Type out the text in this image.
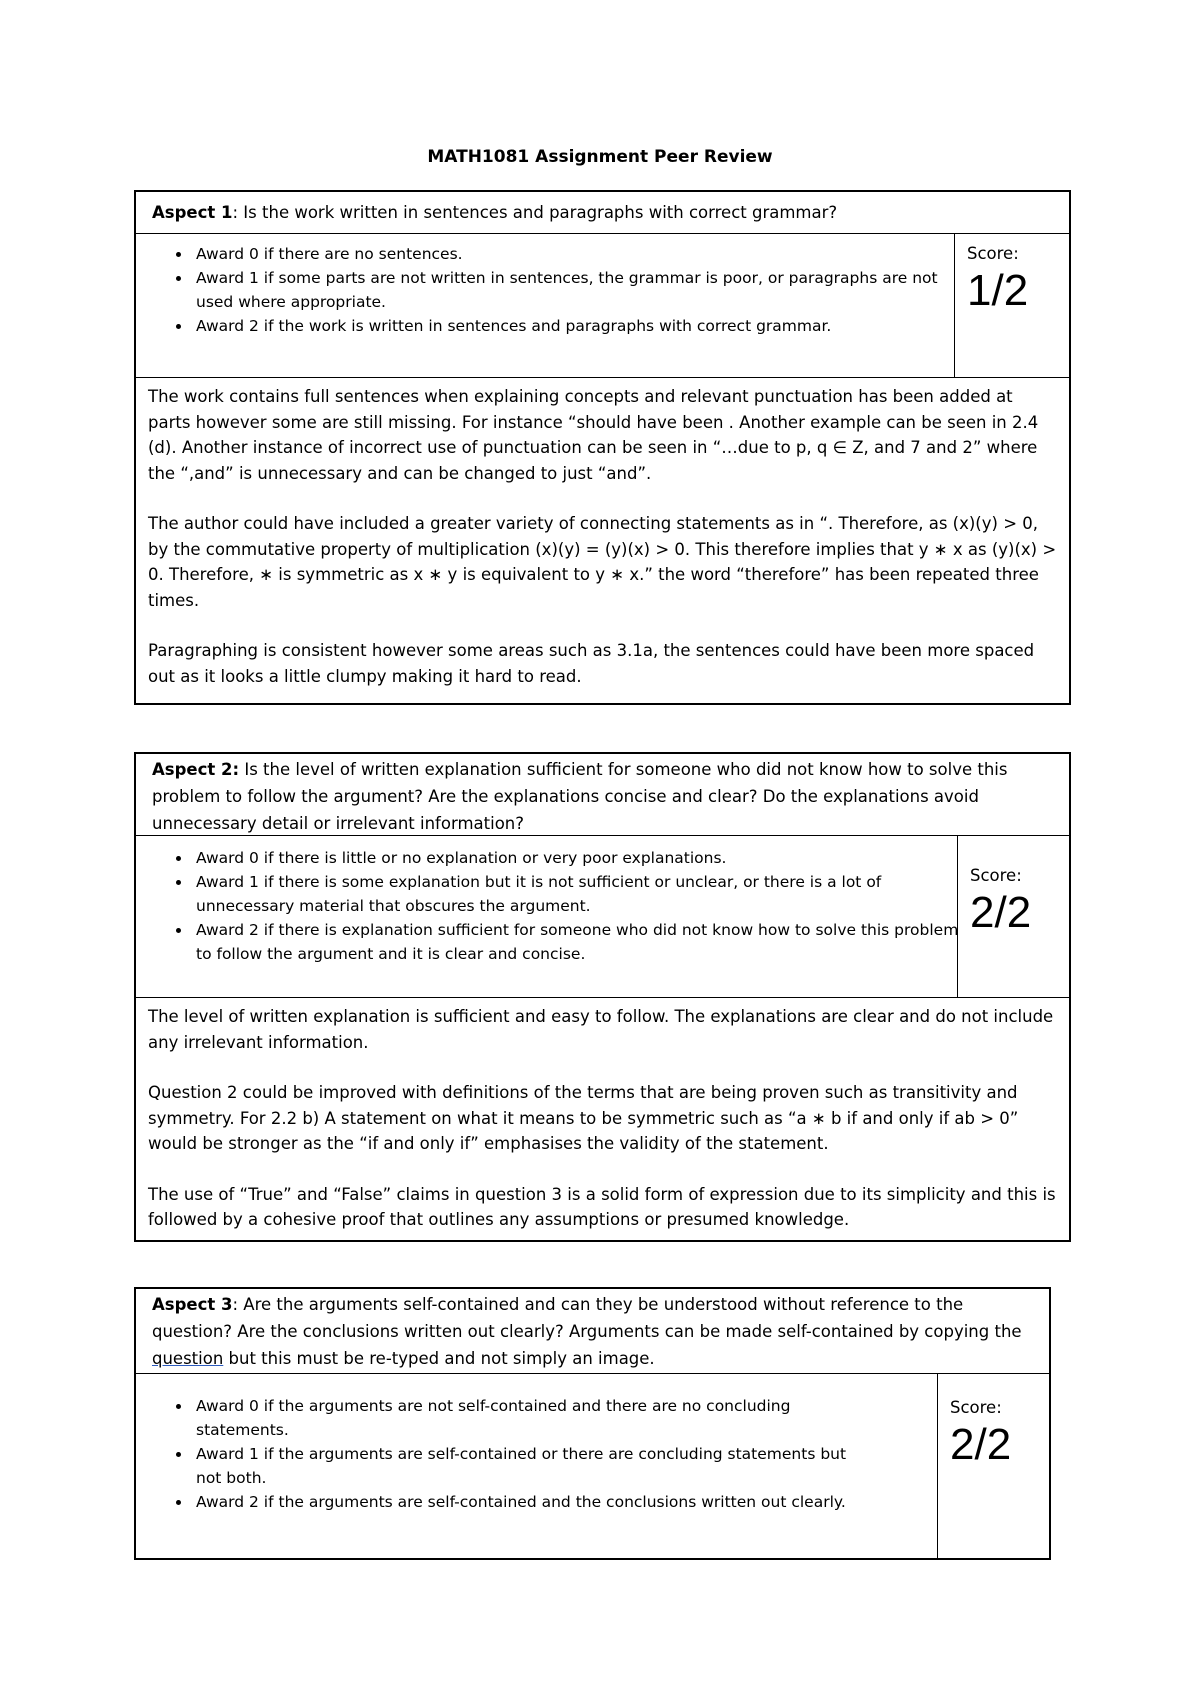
MATH1081 Assignment Peer Review
Aspect 1: Is the work written in sentences and paragraphs with correct grammar?
• Award 0 if there are no sentences.
• Award 1 if some parts are not written in sentences, the grammar is poor, or paragraphs are not used where appropriate.
• Award 2 if the work is written in sentences and paragraphs with correct grammar.
Score:
1/2

The work contains full sentences when explaining concepts and relevant punctuation has been added at parts however some are still missing. For instance “should have been . Another example can be seen in 2.4 (d). Another instance of incorrect use of punctuation can be seen in “…due to p, q ∈ Z, and 7 and 2” where the “,and” is unnecessary and can be changed to just “and”.

The author could have included a greater variety of connecting statements as in “. Therefore, as (x)(y) > 0, by the commutative property of multiplication (x)(y) = (y)(x) > 0. This therefore implies that y ∗ x as (y)(x) > 0. Therefore, ∗ is symmetric as x ∗ y is equivalent to y ∗ x.” the word “therefore” has been repeated three times.

Paragraphing is consistent however some areas such as 3.1a, the sentences could have been more spaced out as it looks a little clumpy making it hard to read.

Aspect 2: Is the level of written explanation sufficient for someone who did not know how to solve this problem to follow the argument? Are the explanations concise and clear? Do the explanations avoid unnecessary detail or irrelevant information?
• Award 0 if there is little or no explanation or very poor explanations.
• Award 1 if there is some explanation but it is not sufficient or unclear, or there is a lot of unnecessary material that obscures the argument.
• Award 2 if there is explanation sufficient for someone who did not know how to solve this problem to follow the argument and it is clear and concise.
Score:
2/2

The level of written explanation is sufficient and easy to follow. The explanations are clear and do not include any irrelevant information.

Question 2 could be improved with definitions of the terms that are being proven such as transitivity and symmetry. For 2.2 b) A statement on what it means to be symmetric such as “a ∗ b if and only if ab > 0” would be stronger as the “if and only if” emphasises the validity of the statement.

The use of “True” and “False” claims in question 3 is a solid form of expression due to its simplicity and this is followed by a cohesive proof that outlines any assumptions or presumed knowledge.

Aspect 3: Are the arguments self-contained and can they be understood without reference to the question? Are the conclusions written out clearly? Arguments can be made self-contained by copying the question but this must be re-typed and not simply an image.
• Award 0 if the arguments are not self-contained and there are no concluding statements.
• Award 1 if the arguments are self-contained or there are concluding statements but not both.
• Award 2 if the arguments are self-contained and the conclusions written out clearly.
Score:
2/2
